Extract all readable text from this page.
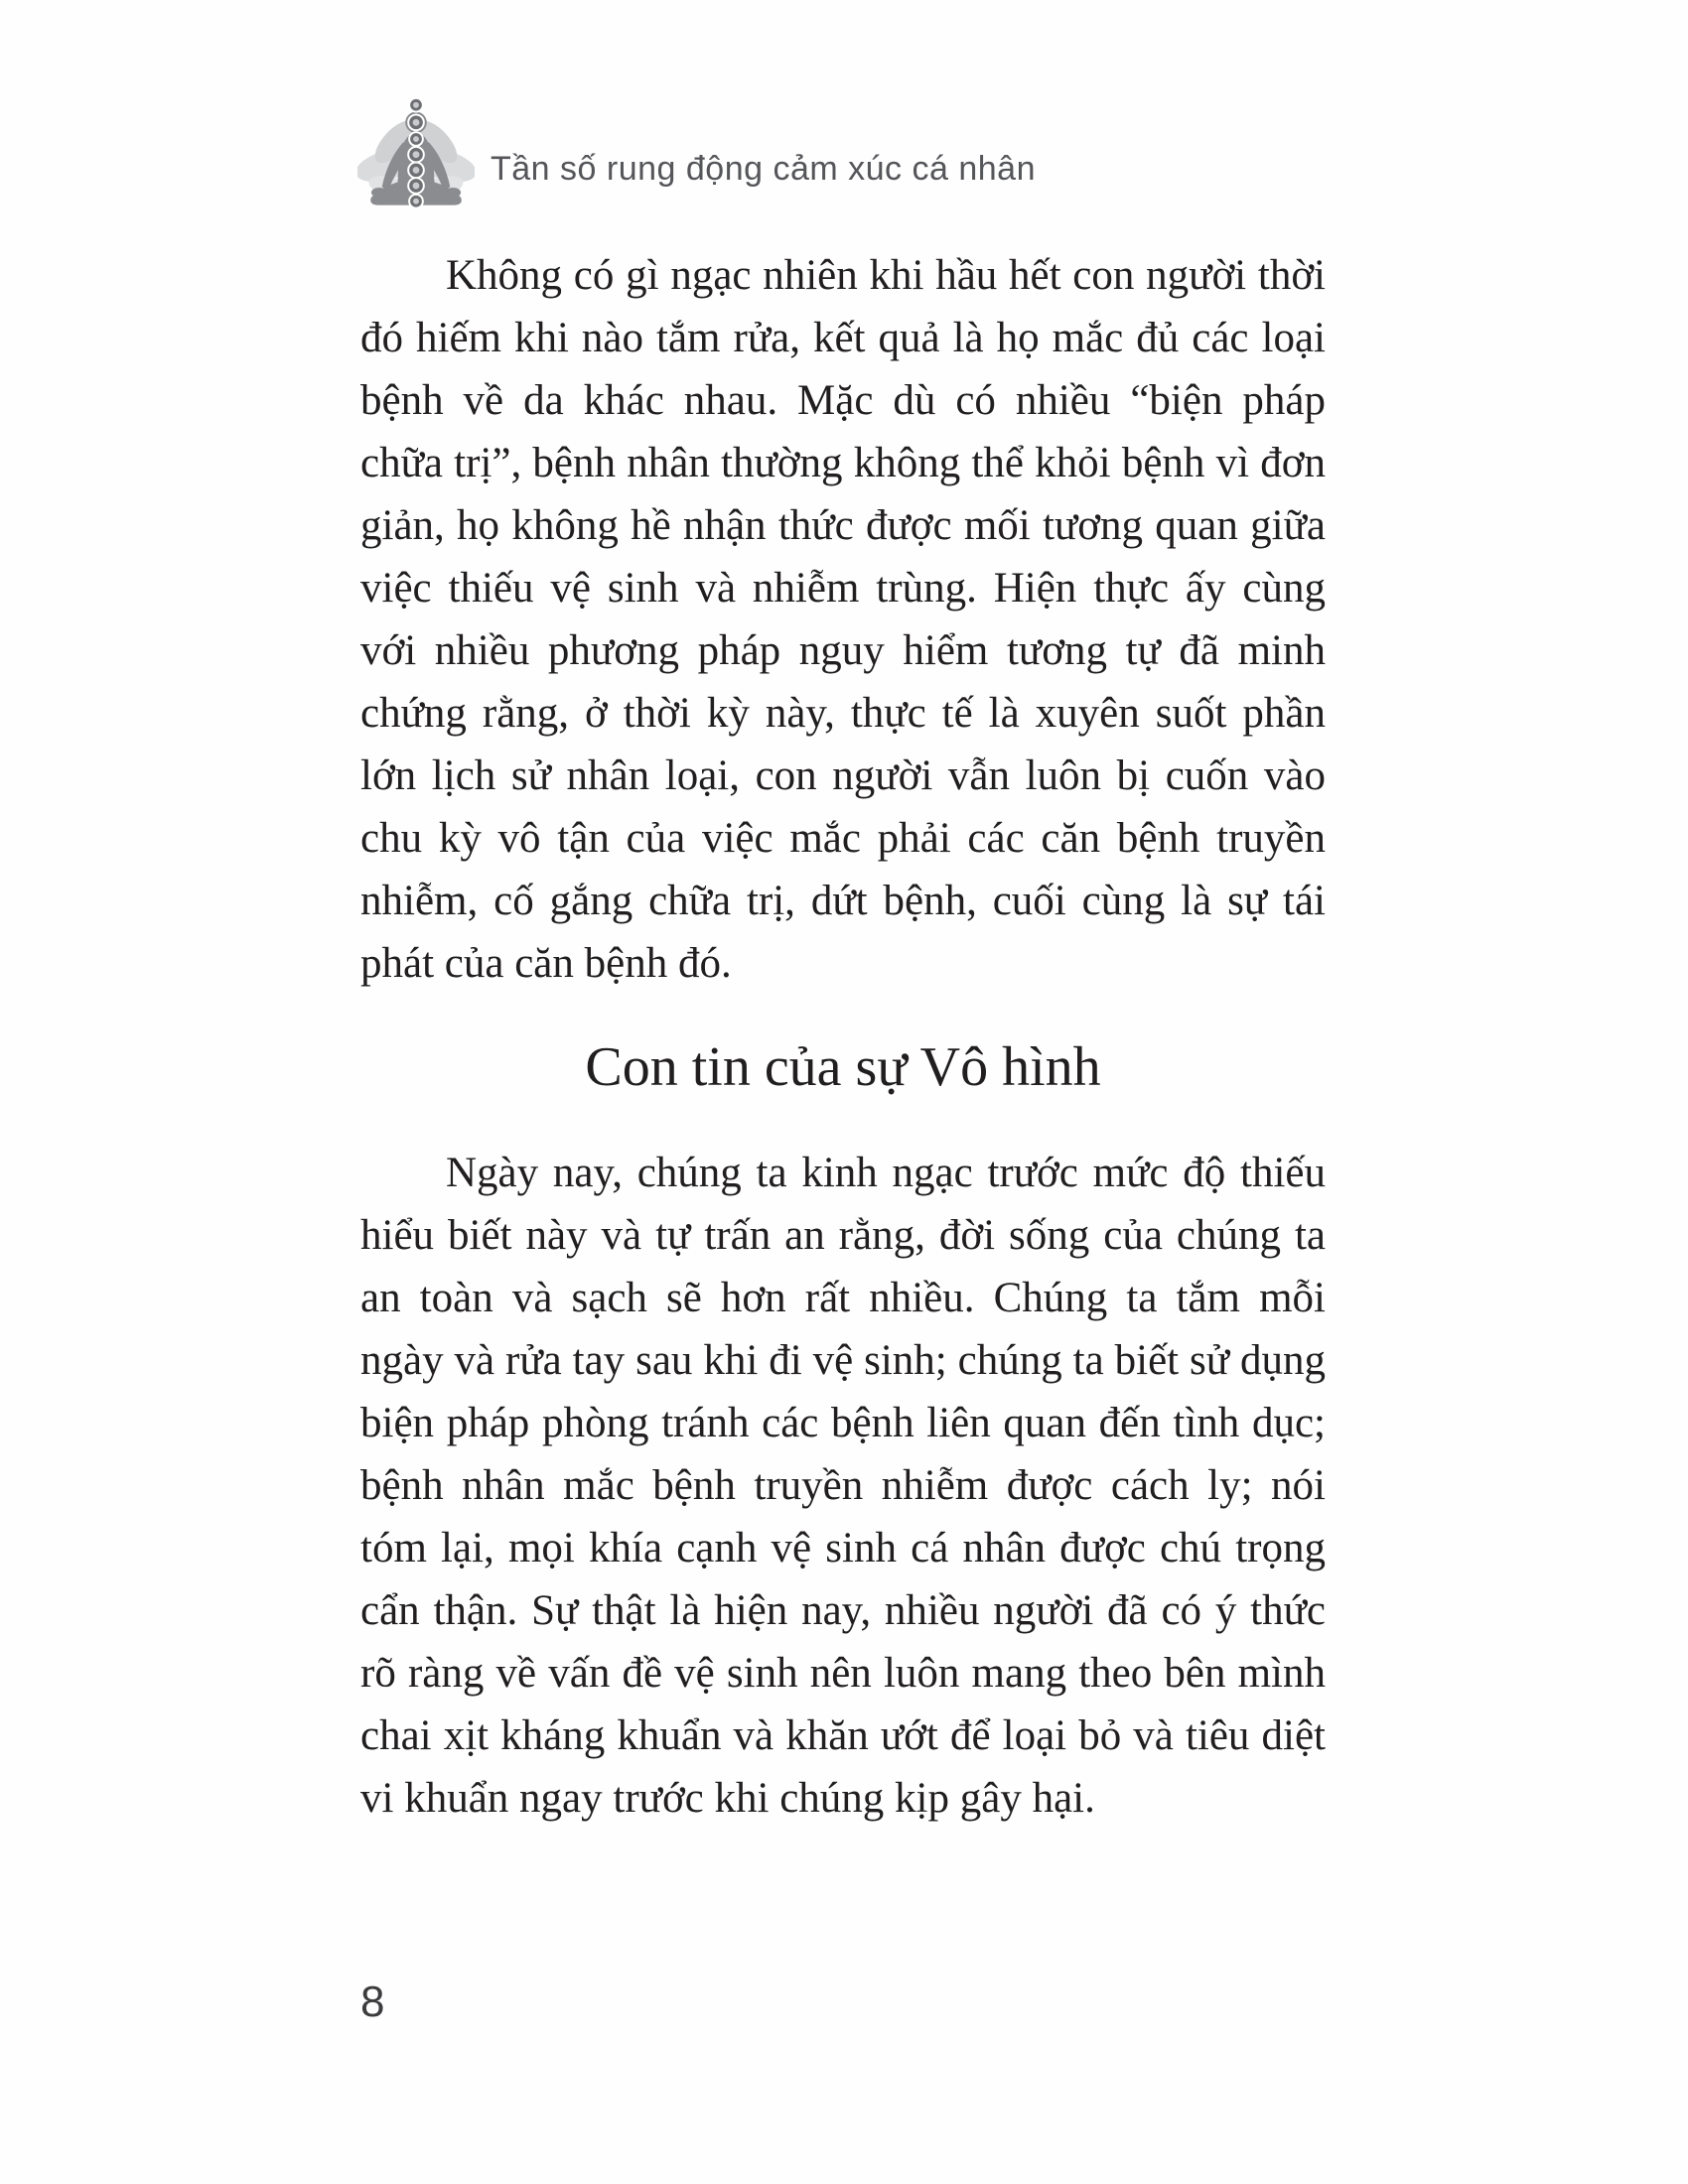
Tần số rung động cảm xúc cá nhân

Không có gì ngạc nhiên khi hầu hết con người thời đó hiếm khi nào tắm rửa, kết quả là họ mắc đủ các loại bệnh về da khác nhau. Mặc dù có nhiều “biện pháp chữa trị”, bệnh nhân thường không thể khỏi bệnh vì đơn giản, họ không hề nhận thức được mối tương quan giữa việc thiếu vệ sinh và nhiễm trùng. Hiện thực ấy cùng với nhiều phương pháp nguy hiểm tương tự đã minh chứng rằng, ở thời kỳ này, thực tế là xuyên suốt phần lớn lịch sử nhân loại, con người vẫn luôn bị cuốn vào chu kỳ vô tận của việc mắc phải các căn bệnh truyền nhiễm, cố gắng chữa trị, dứt bệnh, cuối cùng là sự tái phát của căn bệnh đó.

Con tin của sự Vô hình

Ngày nay, chúng ta kinh ngạc trước mức độ thiếu hiểu biết này và tự trấn an rằng, đời sống của chúng ta an toàn và sạch sẽ hơn rất nhiều. Chúng ta tắm mỗi ngày và rửa tay sau khi đi vệ sinh; chúng ta biết sử dụng biện pháp phòng tránh các bệnh liên quan đến tình dục; bệnh nhân mắc bệnh truyền nhiễm được cách ly; nói tóm lại, mọi khía cạnh vệ sinh cá nhân được chú trọng cẩn thận. Sự thật là hiện nay, nhiều người đã có ý thức rõ ràng về vấn đề vệ sinh nên luôn mang theo bên mình chai xịt kháng khuẩn và khăn ướt để loại bỏ và tiêu diệt vi khuẩn ngay trước khi chúng kịp gây hại.

8
